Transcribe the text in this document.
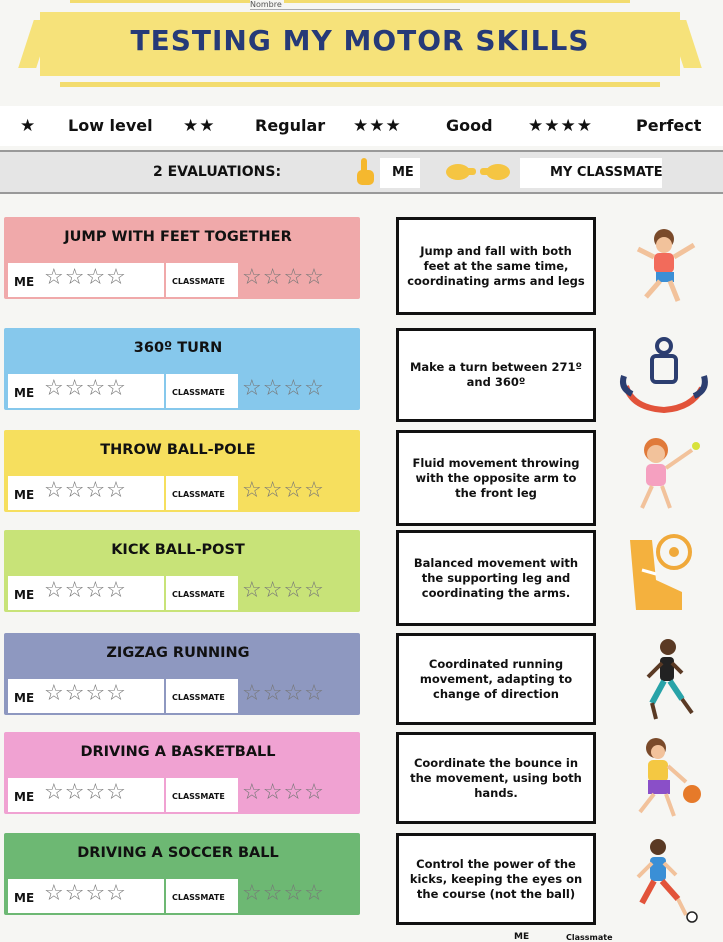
Nombre
TESTING MY MOTOR SKILLS
★ Low level ★★ Regular ★★★	Good ★★★★	Perfect
2 EVALUATIONS:	ME	MY CLASSMATE
JUMP WITH FEET TOGETHER
ME ☆☆☆☆	CLASSMATE ☆☆☆☆
Jump and fall with both feet at the same time, coordinating arms and legs
360º TURN
ME ☆☆☆☆	CLASSMATE ☆☆☆☆
Make a turn between 271º and 360º
THROW BALL-POLE
ME ☆☆☆☆	CLASSMATE ☆☆☆☆
Fluid movement throwing with the opposite arm to the front leg
KICK BALL-POST
ME ☆☆☆☆	CLASSMATE ☆☆☆☆
Balanced movement with the supporting leg and coordinating the arms.
ZIGZAG RUNNING
ME ☆☆☆☆	CLASSMATE ☆☆☆☆
Coordinated running movement, adapting to change of direction
DRIVING A BASKETBALL
ME ☆☆☆☆	CLASSMATE ☆☆☆☆
Coordinate the bounce in the movement, using both hands.
DRIVING A SOCCER BALL
ME ☆☆☆☆	CLASSMATE ☆☆☆☆
Control the power of the kicks, keeping the eyes on the course (not the ball)
ME	Classmate
